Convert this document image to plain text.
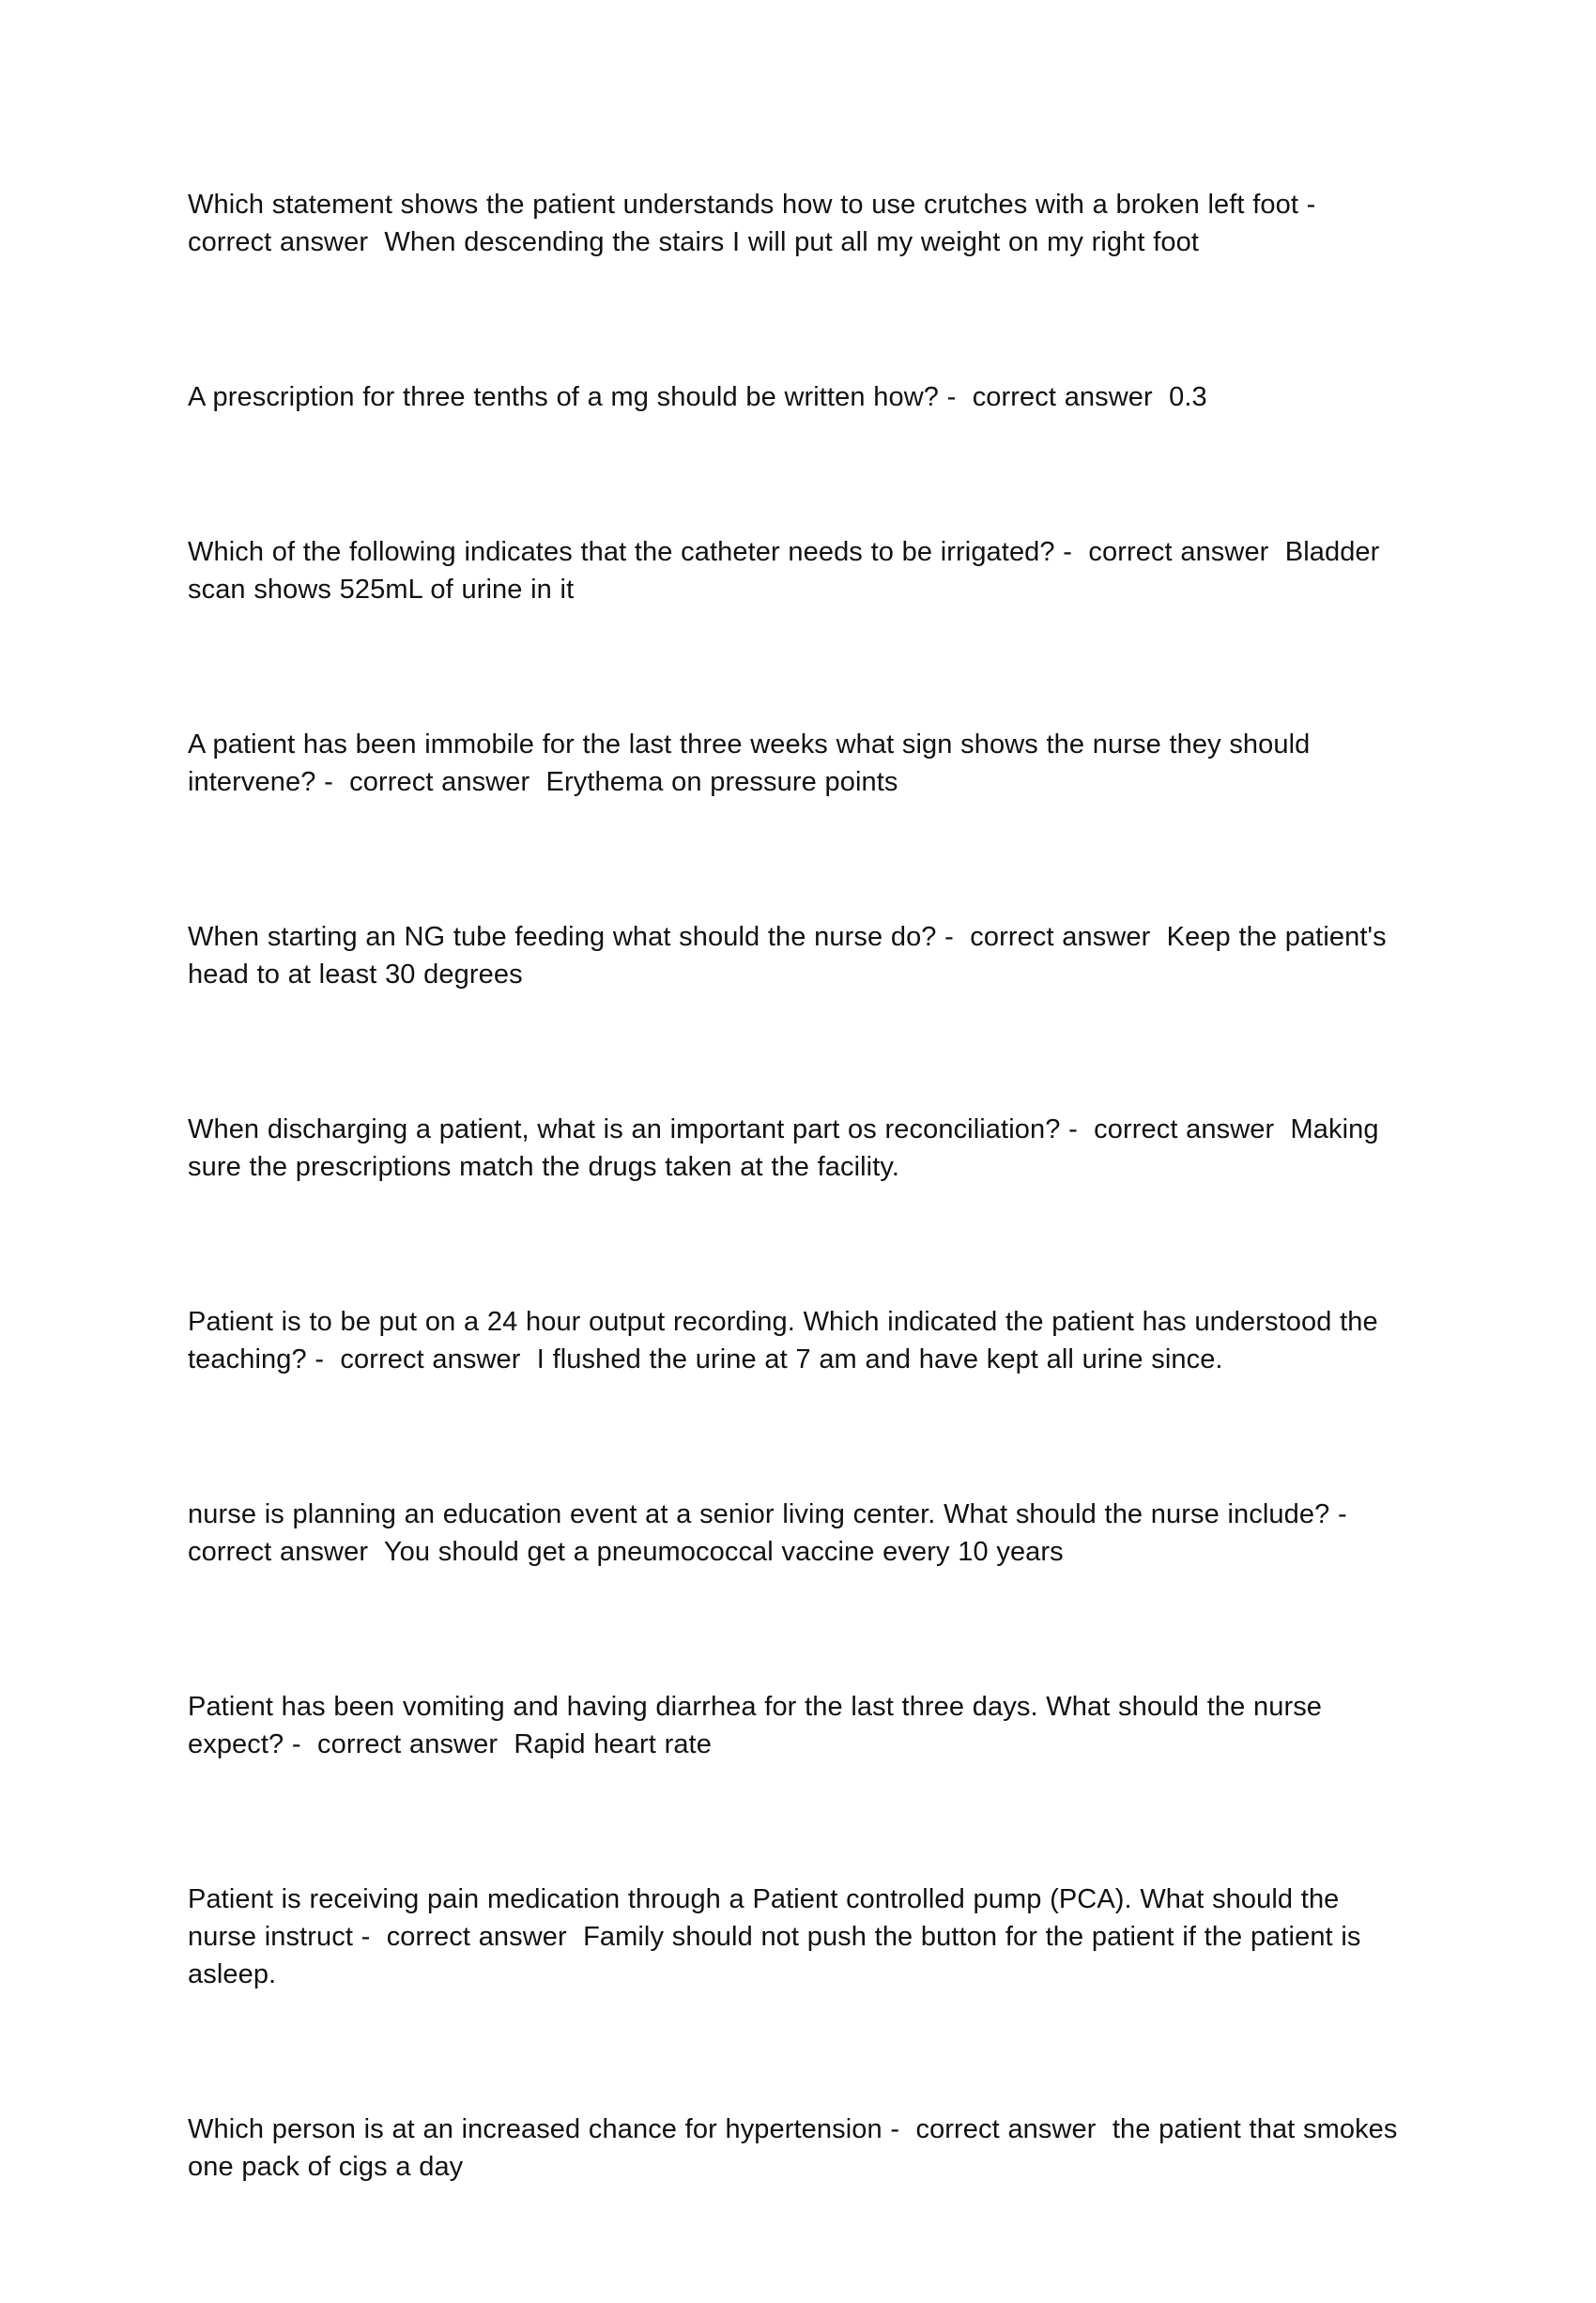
Which statement shows the patient understands how to use crutches with a broken left foot -  correct answer  When descending the stairs I will put all my weight on my right foot
A prescription for three tenths of a mg should be written how? -  correct answer  0.3
Which of the following indicates that the catheter needs to be irrigated? -  correct answer  Bladder scan shows 525mL of urine in it
A patient has been immobile for the last three weeks what sign shows the nurse they should intervene? -  correct answer  Erythema on pressure points
When starting an NG tube feeding what should the nurse do? -  correct answer  Keep the patient's head to at least 30 degrees
When discharging a patient, what is an important part os reconciliation? -  correct answer  Making sure the prescriptions match the drugs taken at the facility.
Patient is to be put on a 24 hour output recording. Which indicated the patient has understood the teaching? -  correct answer  I flushed the urine at 7 am and have kept all urine since.
nurse is planning an education event at a senior living center. What should the nurse include? -  correct answer  You should get a pneumococcal vaccine every 10 years
Patient has been vomiting and having diarrhea for the last three days. What should the nurse expect? -  correct answer  Rapid heart rate
Patient is receiving pain medication through a Patient controlled pump (PCA). What should the nurse instruct -  correct answer  Family should not push the button for the patient if the patient is asleep.
Which person is at an increased chance for hypertension -  correct answer  the patient that smokes one pack of cigs a day
